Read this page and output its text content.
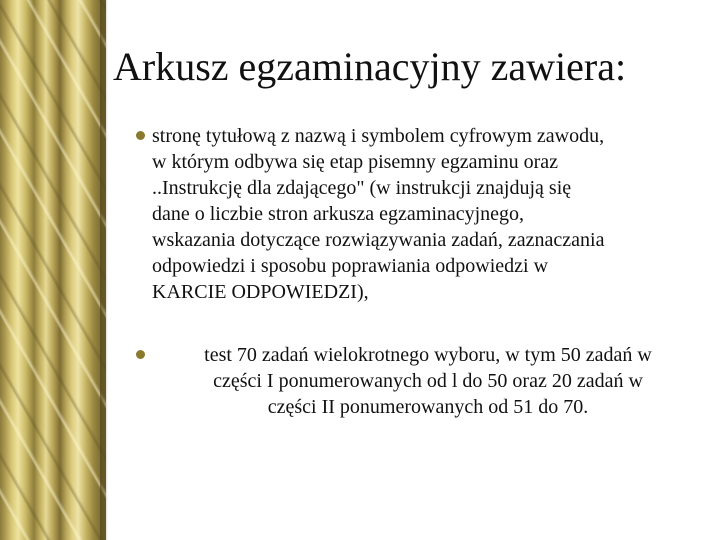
Arkusz egzaminacyjny zawiera:
stronę tytułową z nazwą i symbolem cyfrowym zawodu,
w którym odbywa się etap pisemny egzaminu oraz
..Instrukcję dla zdającego" (w instrukcji znajdują się
dane o liczbie stron arkusza egzaminacyjnego,
wskazania dotyczące rozwiązywania zadań, zaznaczania
odpowiedzi i sposobu poprawiania odpowiedzi w
KARCIE ODPOWIEDZI),
test 70 zadań wielokrotnego wyboru, w tym 50 zadań w
części I ponumerowanych od l do 50 oraz 20 zadań w
części II ponumerowanych od 51 do 70.
